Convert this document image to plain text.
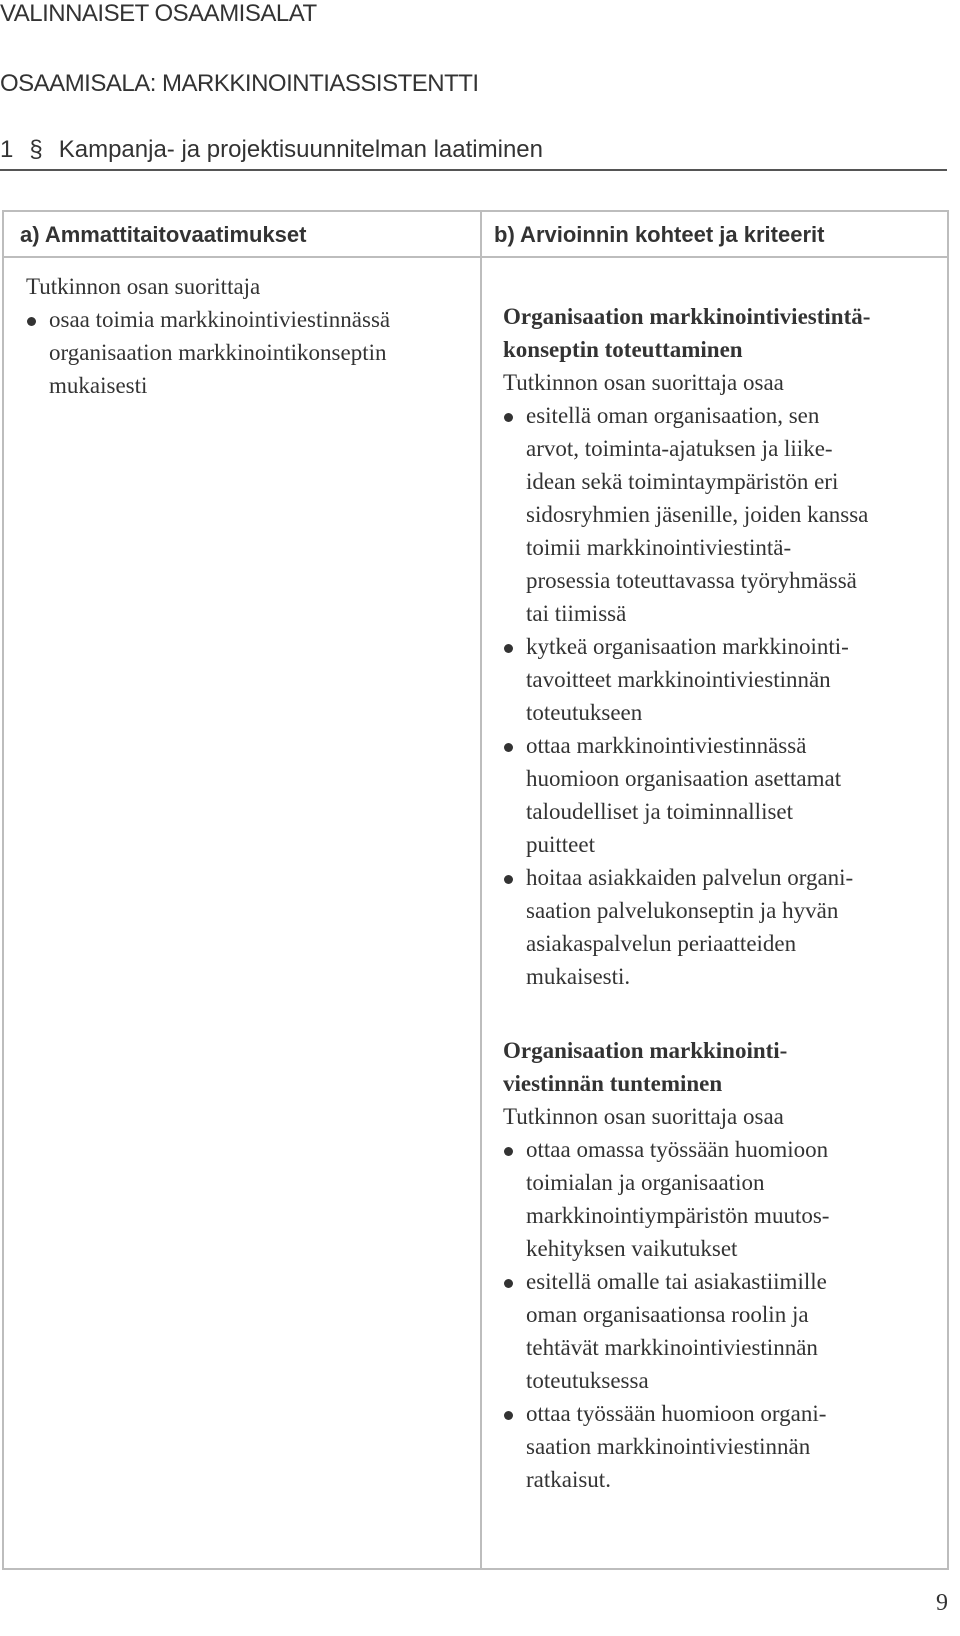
VALINNAISET OSAAMISALAT
OSAAMISALA: MARKKINOINTIASSISTENTTI
1 § Kampanja- ja projektisuunnitelman laatiminen
a) Ammattitaitovaatimukset	b) Arvioinnin kohteet ja kriteerit
Tutkinnon osan suorittaja
osaa toimia markkinointiviestinnässä organisaation markkinointikonseptin mukaisesti
Organisaation markkinointiviestintä-
konseptin toteuttaminen
Tutkinnon osan suorittaja osaa
esitellä oman organisaation, sen
arvot, toiminta-ajatuksen ja liike-
idean sekä toimintaympäristön eri
sidosryhmien jäsenille, joiden kanssa
toimii markkinointiviestintä-
prosessia toteuttavassa työryhmässä
tai tiimissä
kytkeä organisaation markkinointi-
tavoitteet markkinointiviestinnän
toteutukseen
ottaa markkinointiviestinnässä
huomioon organisaation asettamat
taloudelliset ja toiminnalliset
puitteet
hoitaa asiakkaiden palvelun organi-
saation palvelukonseptin ja hyvän
asiakaspalvelun periaatteiden
mukaisesti.
Organisaation markkinointi-
viestinnän tunteminen
Tutkinnon osan suorittaja osaa
ottaa omassa työssään huomioon
toimialan ja organisaation
markkinointiympäristön muutos-
kehityksen vaikutukset
esitellä omalle tai asiakastiimille
oman organisaationsa roolin ja
tehtävät markkinointiviestinnän
toteutuksessa
ottaa työssään huomioon organi-
saation markkinointiviestinnän
ratkaisut.
9
